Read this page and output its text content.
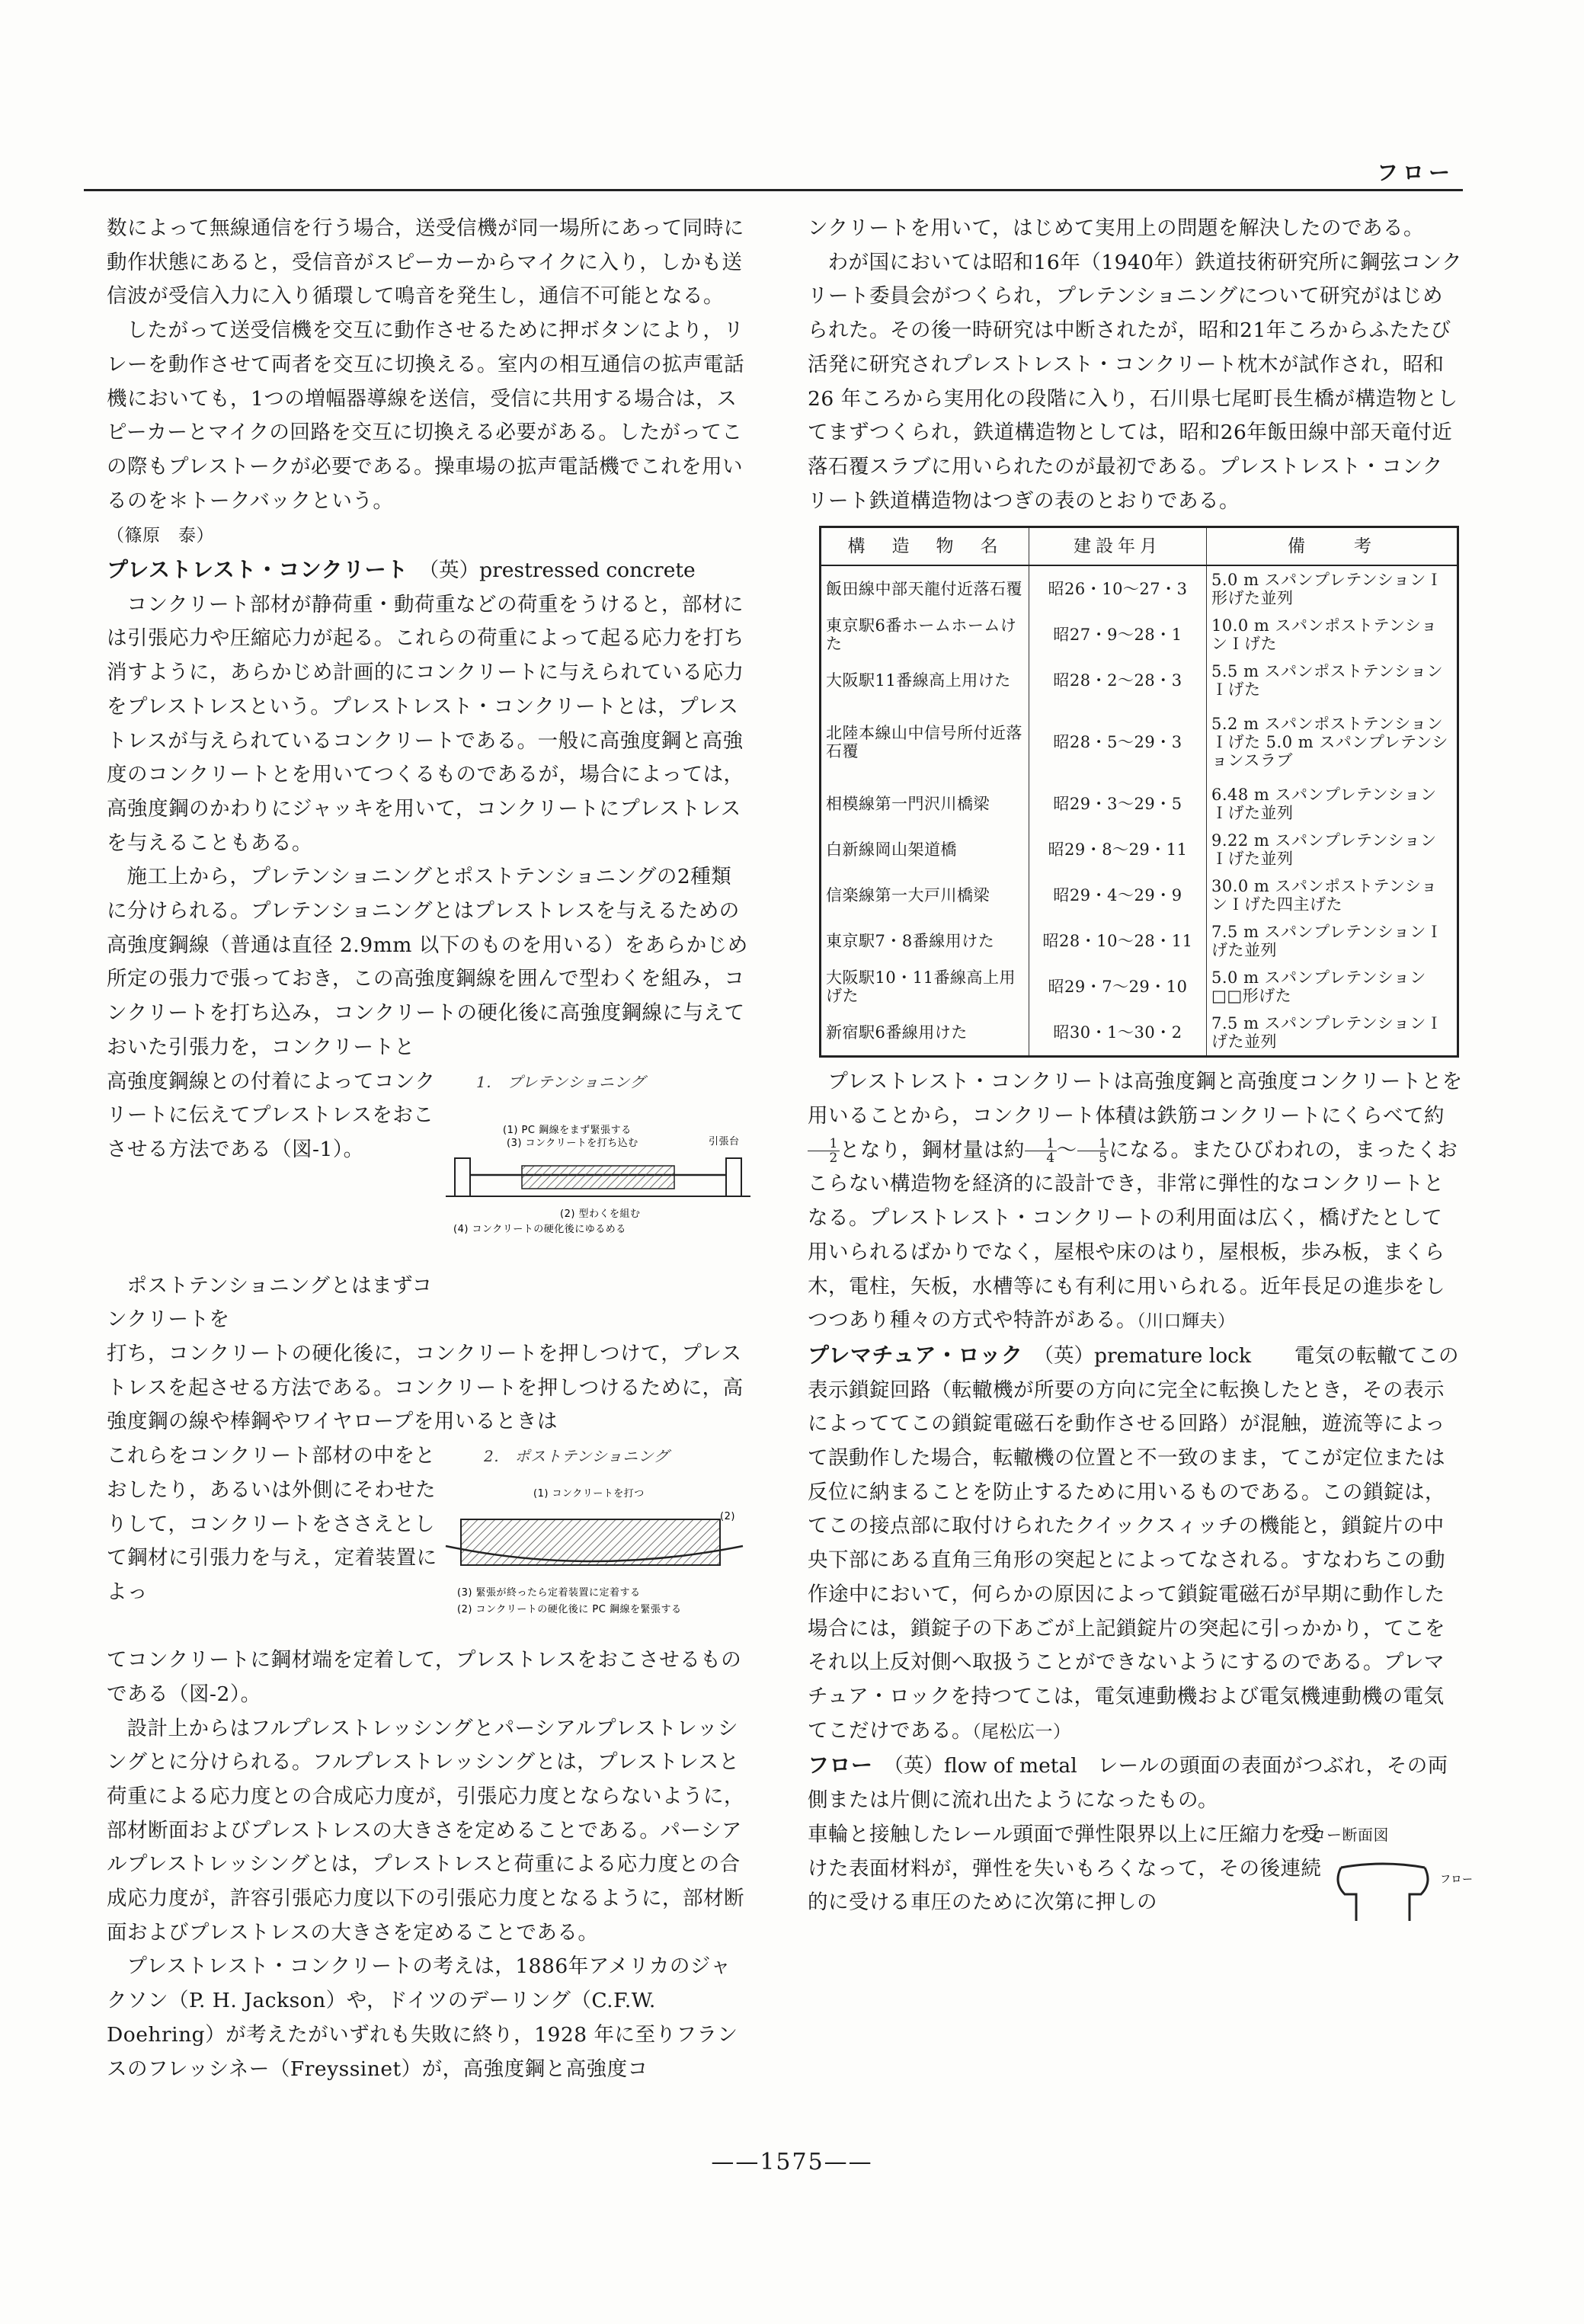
フロー

数によって無線通信を行う場合，送受信機が同一場所にあって同時に動作状態にあると，受信音がスピーカーからマイクに入り，しかも送信波が受信入力に入り循環して鳴音を発生し，通信不可能となる。

したがって送受信機を交互に動作させるために押ボタンにより，リレーを動作させて両者を交互に切換える。室内の相互通信の拡声電話機においても，1つの増幅器導線を送信，受信に共用する場合は，スピーカーとマイクの回路を交互に切換える必要がある。したがってこの際もプレストークが必要である。操車場の拡声電話機でこれを用いるのを＊トークバックという。
（篠原　泰）

プレストレスト・コンクリート （英）prestressed concrete

コンクリート部材が静荷重・動荷重などの荷重をうけると，部材には引張応力や圧縮応力が起る。これらの荷重によって起る応力を打ち消すように，あらかじめ計画的にコンクリートに与えられている応力をプレストレスという。プレストレスト・コンクリートとは，プレストレスが与えられているコンクリートである。一般に高強度鋼と高強度のコンクリートとを用いてつくるものであるが，場合によっては，高強度鋼のかわりにジャッキを用いて，コンクリートにプレストレスを与えることもある。

施工上から，プレテンショニングとポストテンショニングの2種類に分けられる。プレテンショニングとはプレストレスを与えるための高強度鋼線（普通は直径 2.9mm 以下のものを用いる）をあらかじめ所定の張力で張っておき，この高強度鋼線を囲んで型わくを組み，コンクリートを打ち込み，コンクリートの硬化後に高強度鋼線に与えておいた引張力を，コンクリートと

高強度鋼線との付着によってコンクリートに伝えてプレストレスをおこさせる方法である（図-1）。
1.　プレテンショニング
(1) PC 鋼線をまず緊張する
(3) コンクリートを打ち込む	引張台
(2) 型わくを組む
(4) コンクリートの硬化後にゆるめる
ポストテンショニングとはまずコンクリートを

打ち，コンクリートの硬化後に，コンクリートを押しつけて，プレストレスを起させる方法である。コンクリートを押しつけるために，高強度鋼の線や棒鋼やワイヤロープを用いるときは

これらをコンクリート部材の中をとおしたり，あるいは外側にそわせたりして，コンクリートをささえとして鋼材に引張力を与え，定着装置によっ
2.　ポストテンショニング
(1) コンクリートを打つ
(2)
(3) 緊張が終ったら定着装置に定着する
(2) コンクリートの硬化後に PC 鋼線を緊張する

てコンクリートに鋼材端を定着して，プレストレスをおこさせるものである（図-2）。

設計上からはフルプレストレッシングとパーシアルプレストレッシングとに分けられる。フルプレストレッシングとは，プレストレスと荷重による応力度との合成応力度が，引張応力度とならないように，部材断面およびプレストレスの大きさを定めることである。パーシアルプレストレッシングとは，プレストレスと荷重による応力度との合成応力度が，許容引張応力度以下の引張応力度となるように，部材断面およびプレストレスの大きさを定めることである。

プレストレスト・コンクリートの考えは，1886年アメリカのジャクソン（P. H. Jackson）や，ドイツのデーリング（C.F.W. Doehring）が考えたがいずれも失敗に終り，1928 年に至りフランスのフレッシネー（Freyssinet）が，高強度鋼と高強度コ

ンクリートを用いて，はじめて実用上の問題を解決したのである。

わが国においては昭和16年（1940年）鉄道技術研究所に鋼弦コンクリート委員会がつくられ，プレテンショニングについて研究がはじめられた。その後一時研究は中断されたが，昭和21年ころからふたたび活発に研究されプレストレスト・コンクリート枕木が試作され，昭和 26 年ころから実用化の段階に入り，石川県七尾町長生橋が構造物としてまずつくられ，鉄道構造物としては，昭和26年飯田線中部天竜付近落石覆スラブに用いられたのが最初である。プレストレスト・コンクリート鉄道構造物はつぎの表のとおりである。

構　造　物　名	建設年月	備　　考
飯田線中部天龍付近落石覆	昭26・10～27・3	5.0 m スパンプレテンションＩ形げた並列
東京駅6番ホームホームけた	昭27・9～28・1	10.0 m スパンポストテンションＩげた
大阪駅11番線高上用けた	昭28・2～28・3	5.5 m スパンポストテンションＩげた
北陸本線山中信号所付近落石覆	昭28・5～29・3	5.2 m スパンポストテンションＩげた 5.0 m スパンプレテンションスラブ
相模線第一門沢川橋梁	昭29・3～29・5	6.48 m スパンプレテンションＩげた並列
白新線岡山架道橋	昭29・8～29・11	9.22 m スパンプレテンションＩげた並列
信楽線第一大戸川橋梁	昭29・4～29・9	30.0 m スパンポストテンションＩげた四主げた
東京駅7・8番線用けた	昭28・10～28・11	7.5 m スパンプレテンションＩげた並列
大阪駅10・11番線高上用げた	昭29・7～29・10	5.0 m スパンプレテンション□□形げた
新宿駅6番線用けた	昭30・1～30・2	7.5 m スパンプレテンションＩげた並列

プレストレスト・コンクリートは高強度鋼と高強度コンクリートとを用いることから，コンクリート体積は鉄筋コンクリートにくらべて約
$\frac{1}{2}$ となり，鋼材量は約 $\frac{1}{4}$ ～ $\frac{1}{5}$ になる。またひびわれの，まったくおこらない構造物を経済的に設計でき，非常に弾性的なコンクリートとなる。プレストレスト・コンクリートの利用面は広く，橋げたとして用いられるばかりでなく，屋根や床のはり，屋根板，歩み板，まくら木，電柱，矢板，水槽等にも有利に用いられる。近年長足の進歩をしつつあり種々の方式や特許がある。（川口輝夫）

プレマチュア・ロック （英）premature lock　 電気の転轍てこの表示鎖錠回路（転轍機が所要の方向に完全に転換したとき，その表示によっててこの鎖錠電磁石を動作させる回路）が混触，遊流等によって誤動作した場合，転轍機の位置と不一致のまま，てこが定位または反位に納まることを防止するために用いるものである。この鎖錠は，てこの接点部に取付けられたクイックスィッチの機能と，鎖錠片の中央下部にある直角三角形の突起とによってなされる。すなわちこの動作途中において，何らかの原因によって鎖錠電磁石が早期に動作した場合には，鎖錠子の下あごが上記鎖錠片の突起に引っかかり，てこをそれ以上反対側へ取扱うことができないようにするのである。プレマチュア・ロックを持つてこは，電気連動機および電気機連動機の電気てこだけである。（尾松広一）

フロー （英）flow of metal　 レールの頭面の表面がつぶれ，その両側または片側に流れ出たようになったもの。

車輪と接触したレール頭面で弾性限界以上に圧縮力を受けた表面材料が，弾性を失いもろくなって，その後連続的に受ける車圧のために次第に押しの
フロー断面図
フロー
——1575——
